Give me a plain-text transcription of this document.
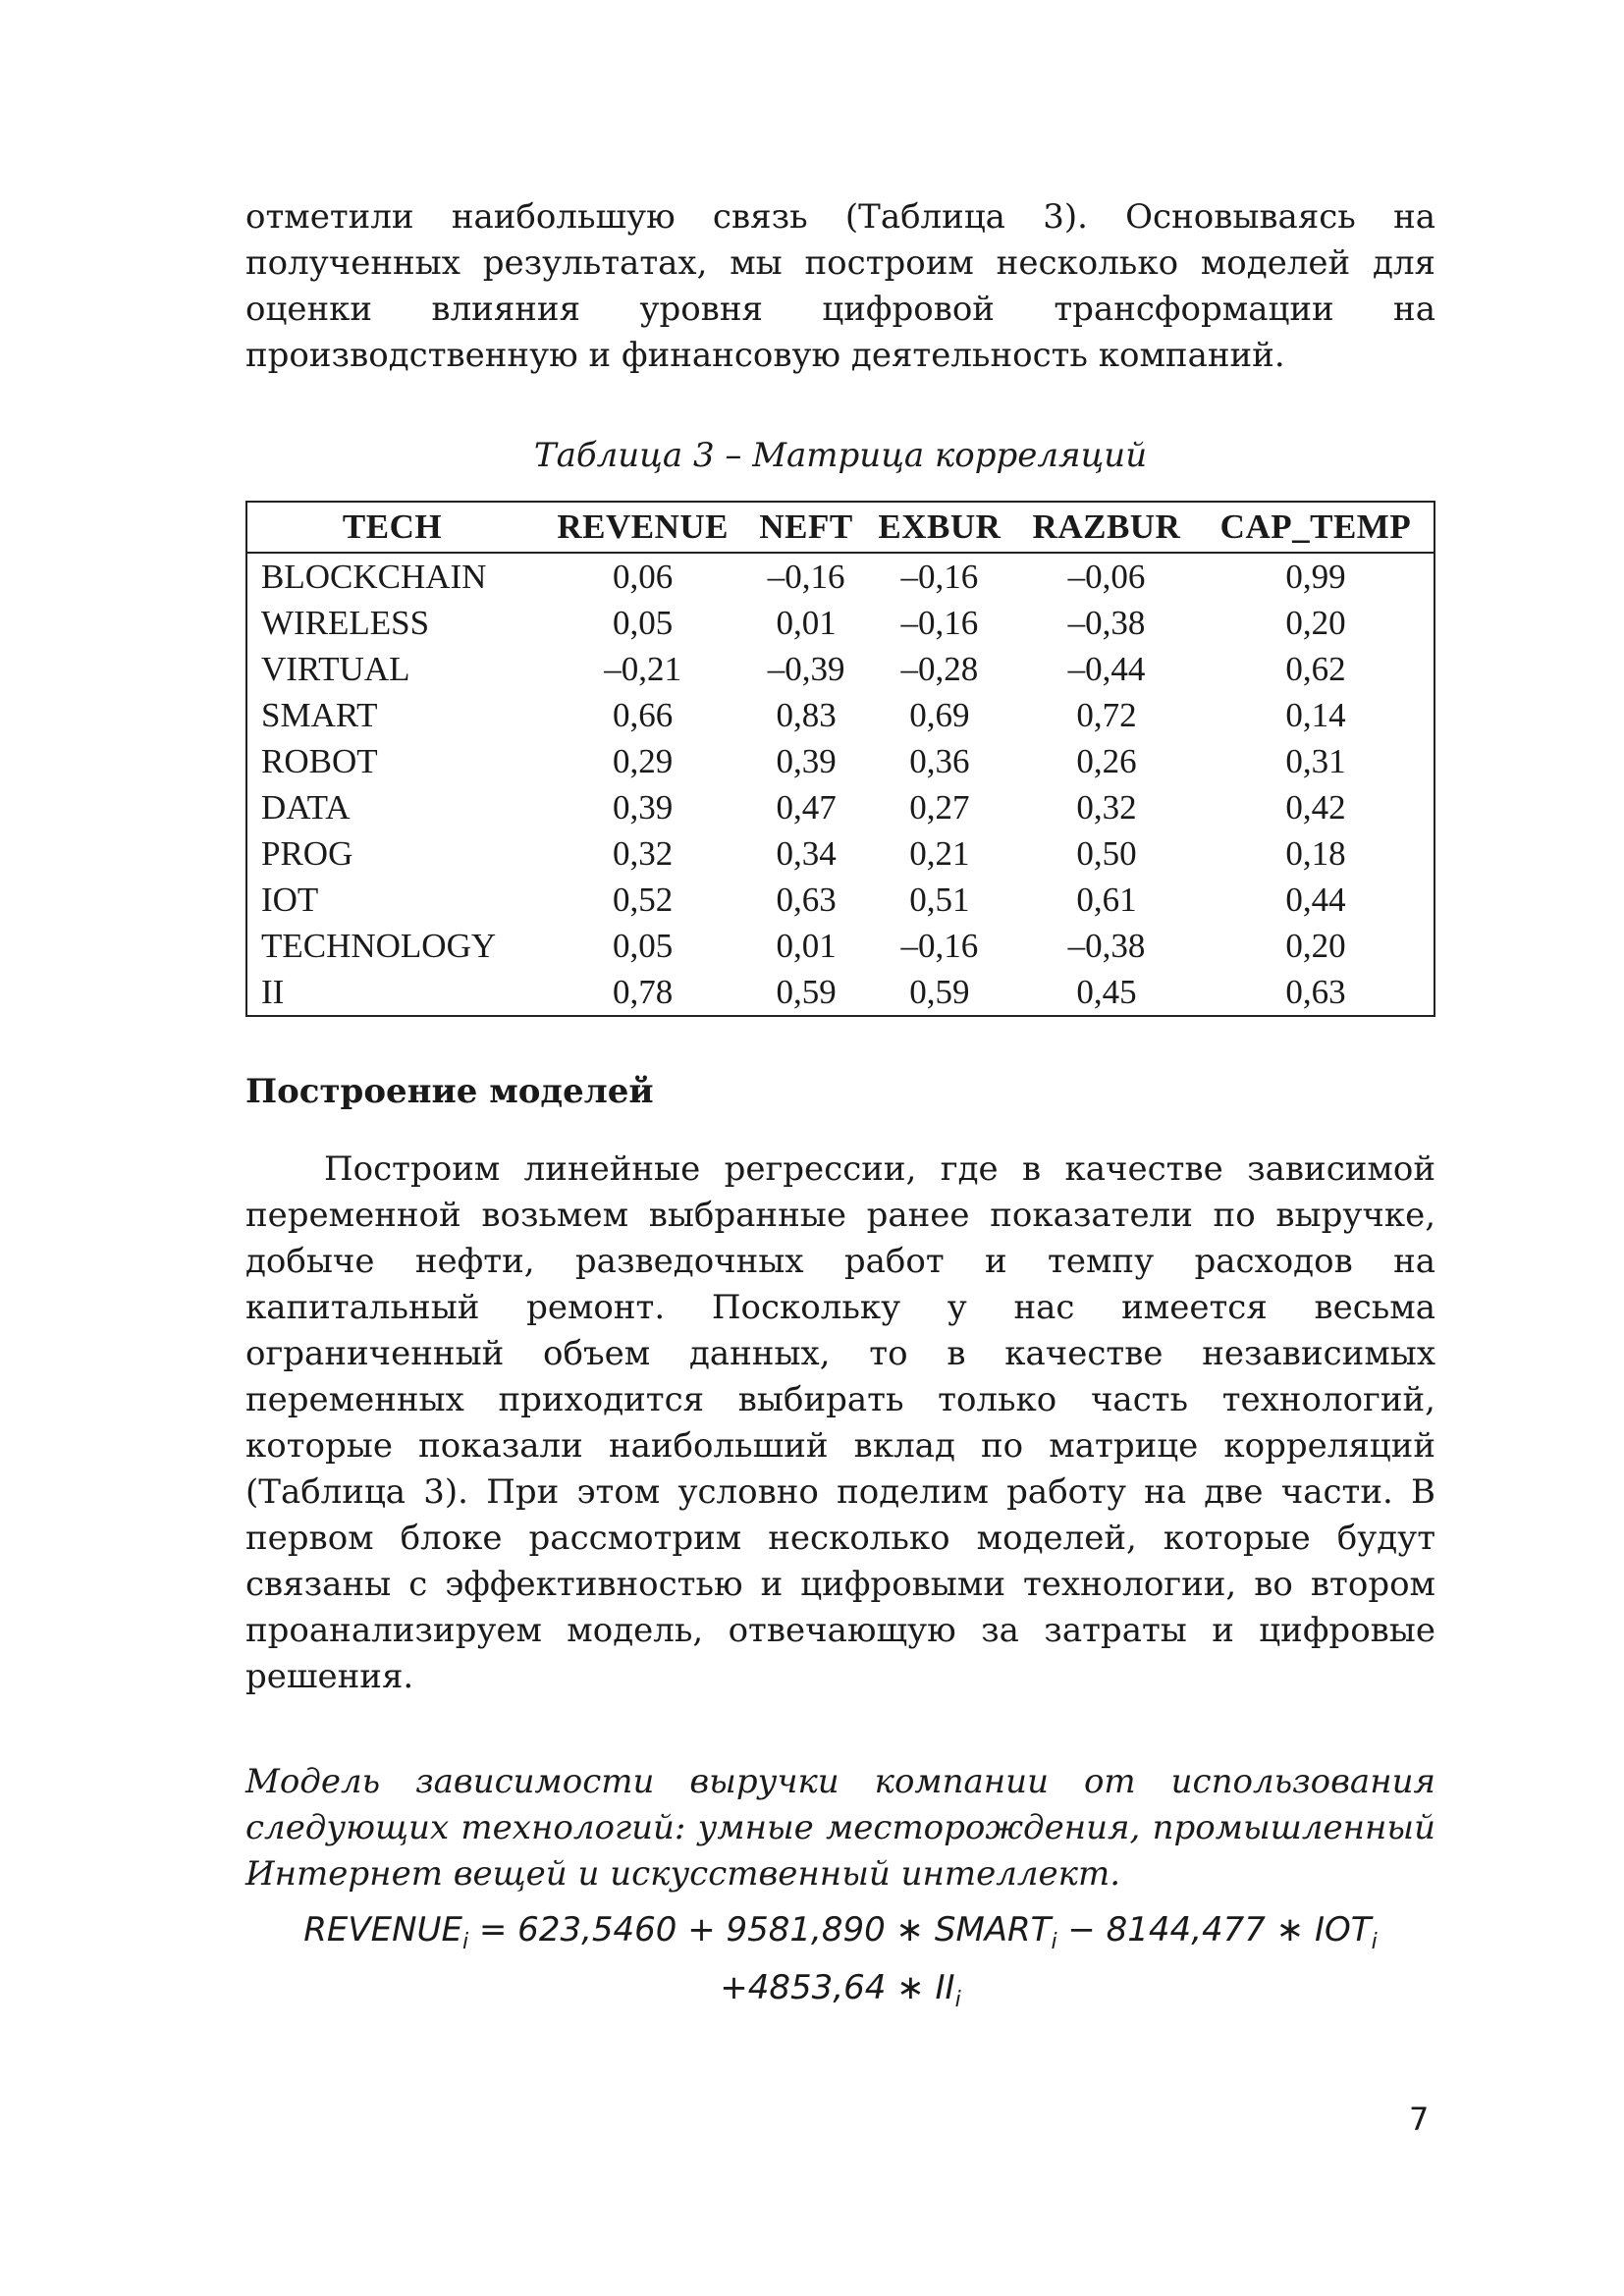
отметили наибольшую связь (Таблица 3). Основываясь на полученных результатах, мы построим несколько моделей для оценки влияния уровня цифровой трансформации на производственную и финансовую деятельность компаний.

Таблица 3 – Матрица корреляций
TECH	REVENUE	NEFT	EXBUR	RAZBUR	CAP_TEMP
BLOCKCHAIN	0,06	–0,16	–0,16	–0,06	0,99
WIRELESS	0,05	0,01	–0,16	–0,38	0,20
VIRTUAL	–0,21	–0,39	–0,28	–0,44	0,62
SMART	0,66	0,83	0,69	0,72	0,14
ROBOT	0,29	0,39	0,36	0,26	0,31
DATA	0,39	0,47	0,27	0,32	0,42
PROG	0,32	0,34	0,21	0,50	0,18
IOT	0,52	0,63	0,51	0,61	0,44
TECHNOLOGY	0,05	0,01	–0,16	–0,38	0,20
II	0,78	0,59	0,59	0,45	0,63
Построение моделей

Построим линейные регрессии, где в качестве зависимой переменной возьмем выбранные ранее показатели по выручке, добыче нефти, разведочных работ и темпу расходов на капитальный ремонт. Поскольку у нас имеется весьма ограниченный объем данных, то в качестве независимых переменных приходится выбирать только часть технологий, которые показали наибольший вклад по матрице корреляций (Таблица 3). При этом условно поделим работу на две части. В первом блоке рассмотрим несколько моделей, которые будут связаны с эффективностью и цифровыми технологии, во втором проанализируем модель, отвечающую за затраты и цифровые решения.

Модель зависимости выручки компании от использования следующих технологий: умные месторождения, промышленный Интернет вещей и искусственный интеллект.

$REVENUE_i = 623,5460 + 9581,890$ ∗ $SMART_i - 8144,477$ ∗ $IOT_i$
+4853,64 ∗ $II_i$
7
